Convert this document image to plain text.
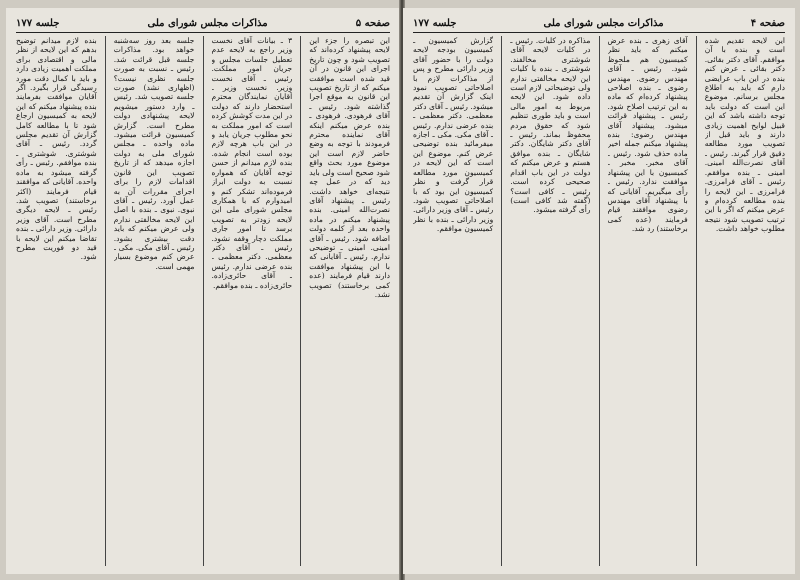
صفحه ۵
مذاکرات مجلس شورای ملی
جلسه ۱۷۷

این تبصره را جزء این لایحه پیشنهاد کرده‌اند که تصویب شود و چون تاریخ اجرای این قانون در آن قید شده است موافقت میکنم که از تاریخ تصویب این قانون به موقع اجرا گذاشته شود. رئیس ـ آقای فرهودی. فرهودی ـ بنده عرض میکنم اینکه آقای نماینده محترم فرمودند با توجه به وضع حاضر لازم است این موضوع مورد بحث واقع شود صحیح است ولی باید دید که در عمل چه نتیجه‌ای خواهد داشت. رئیس ـ پیشنهاد آقای نصرت‌الله امینی. بنده پیشنهاد میکنم در ماده واحده بعد از کلمه دولت اضافه شود. رئیس ـ آقای امینی. امینی ـ توضیحی ندارم. رئیس ـ آقایانی که با این پیشنهاد موافقت دارند قیام فرمایند (عده کمی برخاستند) تصویب نشد.

۳ ـ بیانات آقای نخست وزیر راجع به لایحه عدم تعطیل جلسات مجلس و جریان امور مملکت. رئیس ـ آقای نخست وزیر. نخست وزیر ـ آقایان نمایندگان محترم استحضار دارند که دولت در این مدت کوشش کرده است که امور مملکت به نحو مطلوب جریان یابد و در این باب هرچه لازم بوده است انجام شده. بنده لازم میدانم از حسن توجه آقایان که همواره نسبت به دولت ابراز فرموده‌اند تشکر کنم و امیدوارم که با همکاری مجلس شورای ملی این لایحه زودتر به تصویب برسد تا امور جاری مملکت دچار وقفه نشود. رئیس ـ آقای دکتر معظمی. دکتر معظمی ـ بنده عرضی ندارم. رئیس ـ آقای حائری‌زاده. حائری‌زاده ـ بنده موافقم.

جلسه بعد روز سه‌شنبه خواهد بود. مذاکرات جلسه قبل قرائت شد. رئیس ـ نسبت به صورت جلسه نظری نیست؟ (اظهاری نشد) صورت جلسه تصویب شد. رئیس ـ وارد دستور میشویم لایحه پیشنهادی دولت مطرح است. گزارش کمیسیون قرائت میشود. ماده واحده ـ مجلس شورای ملی به دولت اجازه میدهد که از تاریخ تصویب این قانون اقدامات لازم را برای اجرای مقررات آن به عمل آورد. رئیس ـ آقای نبوی. نبوی ـ بنده با اصل این لایحه مخالفتی ندارم ولی عرض میکنم که باید دقت بیشتری بشود. رئیس ـ آقای مکی. مکی ـ عرض کنم موضوع بسیار مهمی است.

بنده لازم میدانم توضیح بدهم که این لایحه از نظر مالی و اقتصادی برای مملکت اهمیت زیادی دارد و باید با کمال دقت مورد رسیدگی قرار بگیرد. اگر آقایان موافقت بفرمایند بنده پیشنهاد میکنم که این لایحه به کمیسیون ارجاع شود تا با مطالعه کامل گزارش آن تقدیم مجلس گردد. رئیس ـ آقای شوشتری. شوشتری ـ بنده موافقم. رئیس ـ رأی گرفته میشود به ماده واحده. آقایانی که موافقند قیام فرمایند (اکثر برخاستند) تصویب شد. رئیس ـ لایحه دیگری مطرح است. آقای وزیر دارائی. وزیر دارائی ـ بنده تقاضا میکنم این لایحه با قید دو فوریت مطرح شود.

صفحه ۴
مذاکرات مجلس شورای ملی
جلسه ۱۷۷

این لایحه تقدیم شده است و بنده با آن موافقم. آقای دکتر بقائی. دکتر بقائی ـ عرض کنم بنده در این باب عرایضی دارم که باید به اطلاع مجلس برسانم. موضوع این است که دولت باید توجه داشته باشد که این قبیل لوایح اهمیت زیادی دارند و باید قبل از تصویب مورد مطالعه دقیق قرار گیرند. رئیس ـ آقای نصرت‌الله امینی. امینی ـ بنده موافقم. رئیس ـ آقای فرامرزی. فرامرزی ـ این لایحه را بنده مطالعه کرده‌ام و عرض میکنم که اگر با این ترتیب تصویب شود نتیجه مطلوب خواهد داشت.

آقای زهری ـ بنده عرض میکنم که باید نظر کمیسیون هم ملحوظ شود. رئیس ـ آقای مهندس رضوی. مهندس رضوی ـ بنده اصلاحی پیشنهاد کرده‌ام که ماده به این ترتیب اصلاح شود. رئیس ـ پیشنهاد قرائت میشود. پیشنهاد آقای مهندس رضوی: بنده پیشنهاد میکنم جمله اخیر ماده حذف شود. رئیس ـ آقای مخبر. مخبر ـ کمیسیون با این پیشنهاد موافقت ندارد. رئیس ـ رأی میگیریم. آقایانی که با پیشنهاد آقای مهندس رضوی موافقند قیام فرمایند (عده کمی برخاستند) رد شد.

مذاکره در کلیات. رئیس ـ در کلیات لایحه آقای شوشتری مخالفند. شوشتری ـ بنده با کلیات این لایحه مخالفتی ندارم ولی توضیحاتی لازم است داده شود. این لایحه مربوط به امور مالی است و باید طوری تنظیم شود که حقوق مردم محفوظ بماند. رئیس ـ آقای دکتر شایگان. دکتر شایگان ـ بنده موافق هستم و عرض میکنم که دولت در این باب اقدام صحیحی کرده است. رئیس ـ کافی است؟ (گفته شد کافی است) رأی گرفته میشود.

گزارش کمیسیون ـ کمیسیون بودجه لایحه دولت را با حضور آقای وزیر دارائی مطرح و پس از مذاکرات لازم با اصلاحاتی تصویب نمود اینک گزارش آن تقدیم میشود. رئیس ـ آقای دکتر معظمی. دکتر معظمی ـ بنده عرضی ندارم. رئیس ـ آقای مکی. مکی ـ اجازه میفرمائید بنده توضیحی عرض کنم. موضوع این است که این لایحه در کمیسیون مورد مطالعه قرار گرفت و نظر کمیسیون این بود که با اصلاحاتی تصویب شود. رئیس ـ آقای وزیر دارائی. وزیر دارائی ـ بنده با نظر کمیسیون موافقم.
